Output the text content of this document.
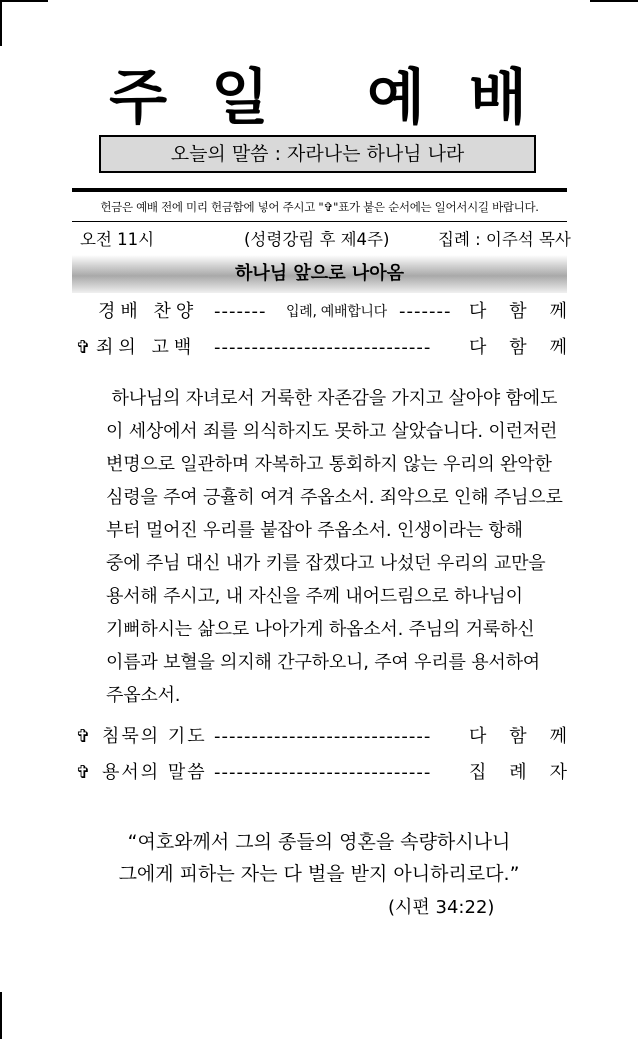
주 일 예 배
오늘의 말씀 : 자라나는 하나님 나라
헌금은 예배 전에 미리 헌금함에 넣어 주시고 "✞"표가 붙은 순서에는 일어서시길 바랍니다.
오전 11시	(성령강림 후 제4주)	집례 : 이주석 목사
하나님 앞으로 나아옴
경배 찬양 -------	입례, 예배합니다 ------- 다 함 께
✞ 죄의 고백 -----------------------------	다 함 께
하나님의 자녀로서 거룩한 자존감을 가지고 살아야 함에도
이 세상에서 죄를 의식하지도 못하고 살았습니다. 이런저런
변명으로 일관하며 자복하고 통회하지 않는 우리의 완악한
심령을 주여 긍휼히 여겨 주옵소서. 죄악으로 인해 주님으로
부터 멀어진 우리를 붙잡아 주옵소서. 인생이라는 항해
중에 주님 대신 내가 키를 잡겠다고 나섰던 우리의 교만을
용서해 주시고, 내 자신을 주께 내어드림으로 하나님이
기뻐하시는 삶으로 나아가게 하옵소서. 주님의 거룩하신
이름과 보혈을 의지해 간구하오니, 주여 우리를 용서하여
주옵소서.
✞ 침묵의 기도 -----------------------------	다 함 께
✞ 용서의 말씀 -----------------------------	집 례 자
“여호와께서 그의 종들의 영혼을 속량하시나니
그에게 피하는 자는 다 벌을 받지 아니하리로다.”
(시편 34:22)
